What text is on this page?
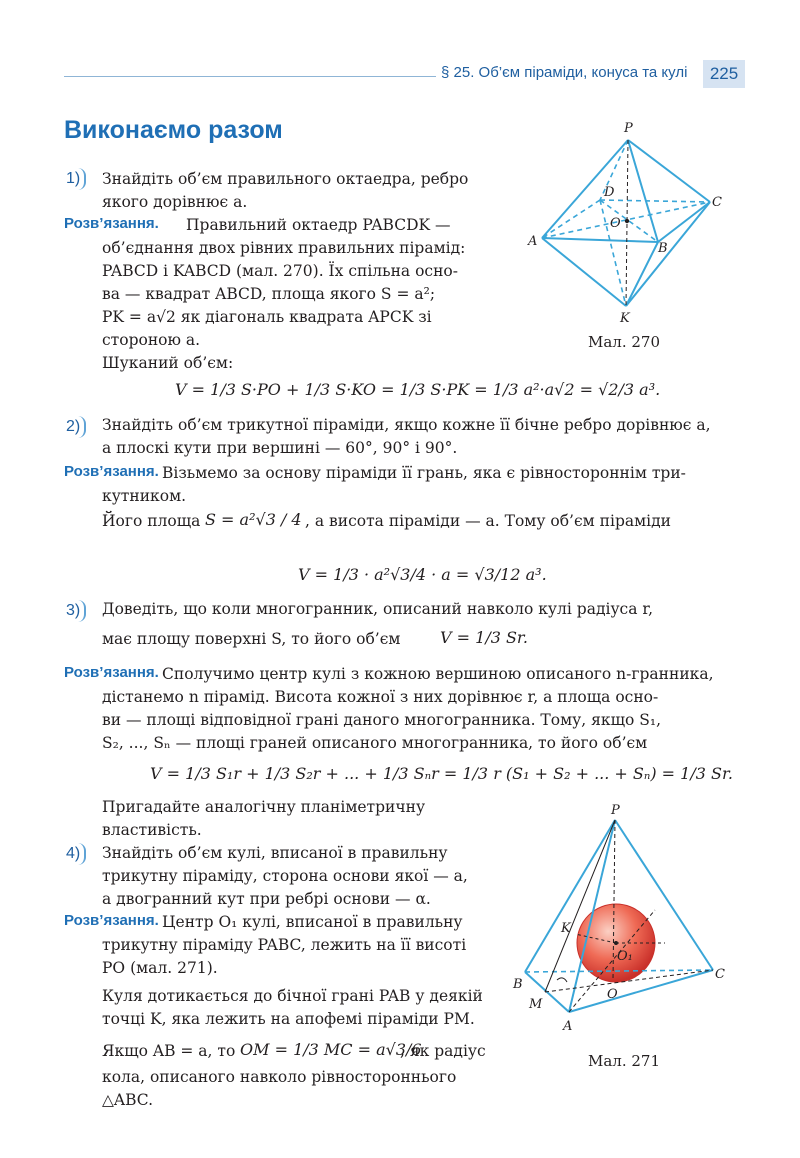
§ 25. Об’єм піраміди, конуса та кулі	225
Виконаємо разом
1) Знайдіть об’єм правильного октаедра, ребро
якого дорівнює a.
Розв’язання. Правильний октаедр PABCDK —
об’єднання двох рівних правильних пірамід:
PABCD і KABCD (мал. 270). Їх спільна осно-
ва — квадрат ABCD, площа якого S = a²;
PK = a√2 як діагональ квадрата APCK зі
стороною a.
Шуканий об’єм:
V = 1/3 S·PO + 1/3 S·KO = 1/3 S·PK = 1/3 a²·a√2 = √2/3 a³.
P
A	B
C
D
O
K
Мал. 270
2) Знайдіть об’єм трикутної піраміди, якщо кожне її бічне ребро дорівнює a,
а плоскі кути при вершині — 60°, 90° і 90°.
Розв’язання. Візьмемо за основу піраміди її грань, яка є рівностороннім три-
кутником.
Його площа S = a²√3 / 4 , а висота піраміди — a. Тому об’єм піраміди
V = 1/3 · a²√3/4 · a = √3/12 a³.
3) Доведіть, що коли многогранник, описаний навколо кулі радіуса r,
має площу поверхні S, то його об’єм V = 1/3 Sr.
Розв’язання. Сполучимо центр кулі з кожною вершиною описаного n-гранника,
дістанемо n пірамід. Висота кожної з них дорівнює r, а площа осно-
ви — площі відповідної грані даного многогранника. Тому, якщо S₁,
S₂, ..., Sₙ — площі граней описаного многогранника, то його об’єм
V = 1/3 S₁r + 1/3 S₂r + ... + 1/3 Sₙr = 1/3 r (S₁ + S₂ + ... + Sₙ) = 1/3 Sr.
Пригадайте аналогічну планіметричну
властивість.
4) Знайдіть об’єм кулі, вписаної в правильну
трикутну піраміду, сторона основи якої — a,
а двогранний кут при ребрі основи — α.
Розв’язання. Центр O₁ кулі, вписаної в правильну
трикутну піраміду PABC, лежить на її висоті
PO (мал. 271).
Куля дотикається до бічної грані PAB у деякій
точці K, яка лежить на апофемі піраміди PM.
Якщо AB = a, то OM = 1/3 MC = a√3/6
, як радіус
кола, описаного навколо рівностороннього
△ABC.
P
K
O₁
B
C
M
O
A
Мал. 271
